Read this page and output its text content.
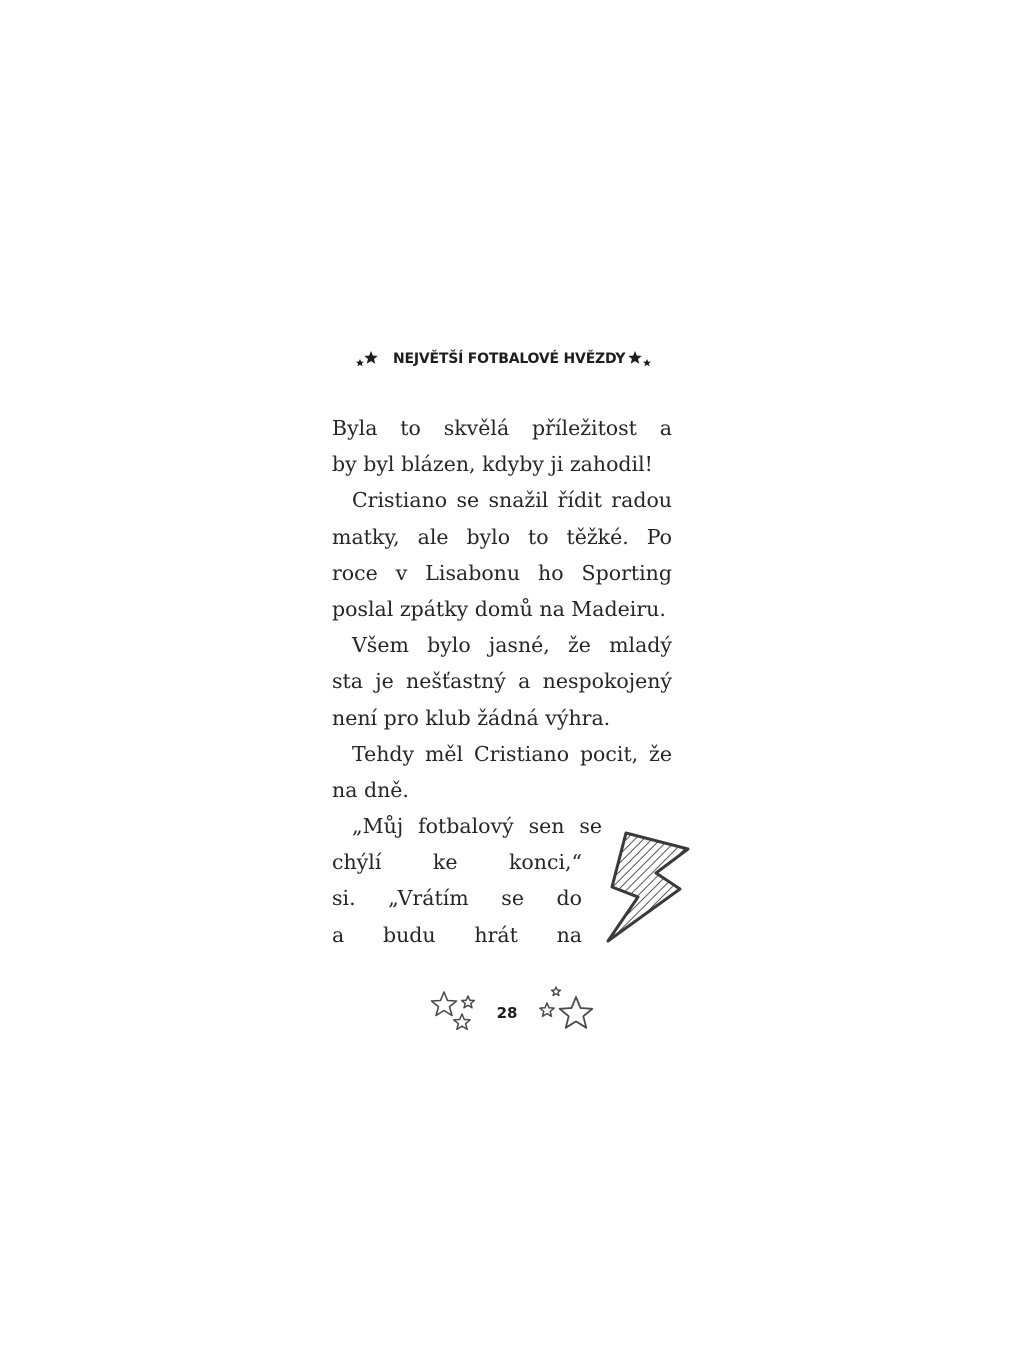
NEJVĚTŠÍ FOTBALOVÉ HVĚZDY
Byla to skvělá příležitost a
by byl blázen, kdyby ji zahodil!
Cristiano se snažil řídit radou
matky, ale bylo to těžké. Po
roce v Lisabonu ho Sporting
poslal zpátky domů na Madeiru.
Všem bylo jasné, že mladý
sta je nešťastný a nespokojený
není pro klub žádná výhra.
Tehdy měl Cristiano pocit, že
na dně.
„Můj fotbalový sen se
chýlí ke konci,“
si. „Vrátím se do
a budu hrát na
28
